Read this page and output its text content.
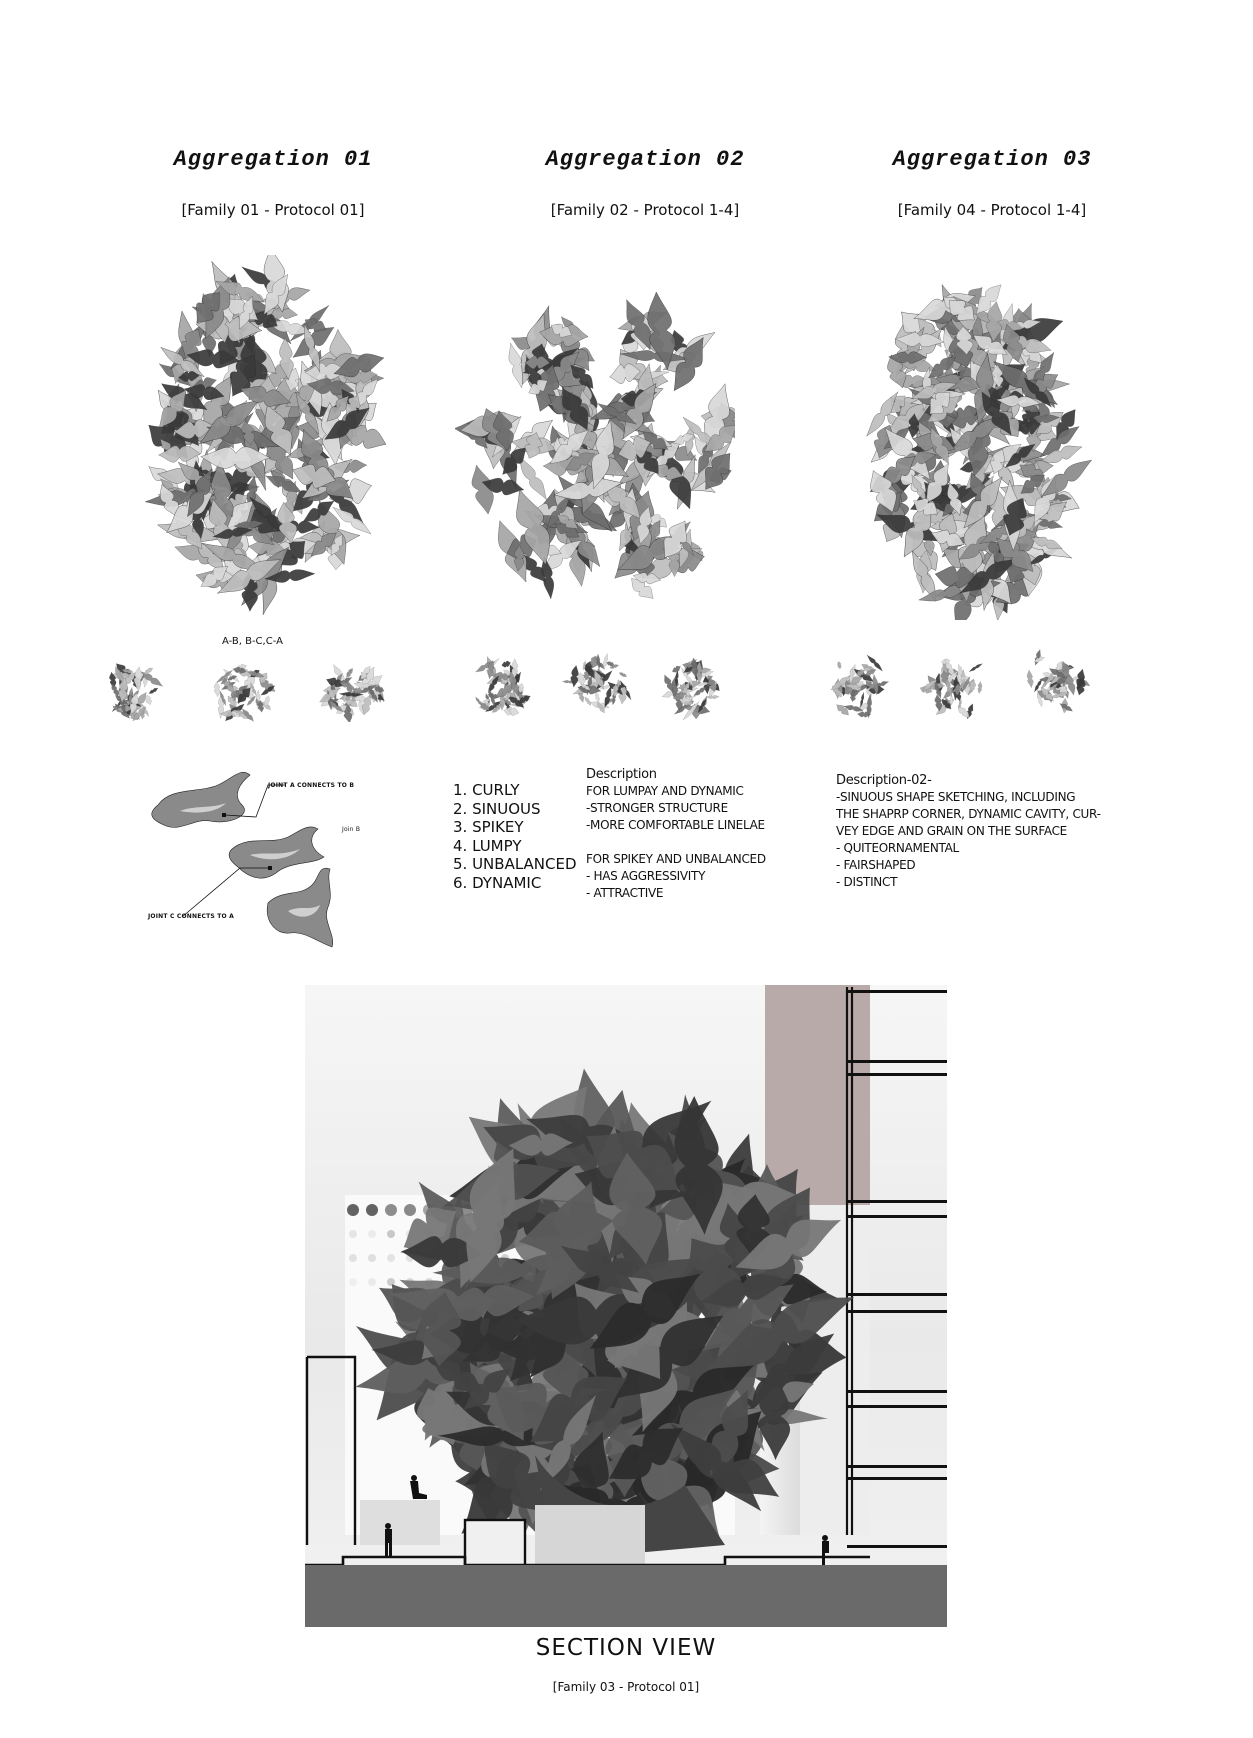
Aggregation 01	Aggregation 02	Aggregation 03
[Family 01 - Protocol 01]	[Family 02 - Protocol 1-4]	[Family 04 - Protocol 1-4]
A-B, B-C,C-A
JOINT A CONNECTS TO B
Join B
JOINT C CONNECTS TO A
1. CURLY
2. SINUOUS
3. SPIKEY
4. LUMPY
5. UNBALANCED
6. DYNAMIC
Description
FOR LUMPAY AND DYNAMIC
-STRONGER STRUCTURE
-MORE COMFORTABLE LINELAE
FOR SPIKEY AND UNBALANCED
- HAS AGGRESSIVITY
- ATTRACTIVE
Description-02-
-SINUOUS SHAPE SKETCHING, INCLUDING
THE SHAPRP CORNER, DYNAMIC CAVITY, CUR-
VEY EDGE AND GRAIN ON THE SURFACE
- QUITEORNAMENTAL
- FAIRSHAPED
- DISTINCT
SECTION VIEW
[Family 03 - Protocol 01]
